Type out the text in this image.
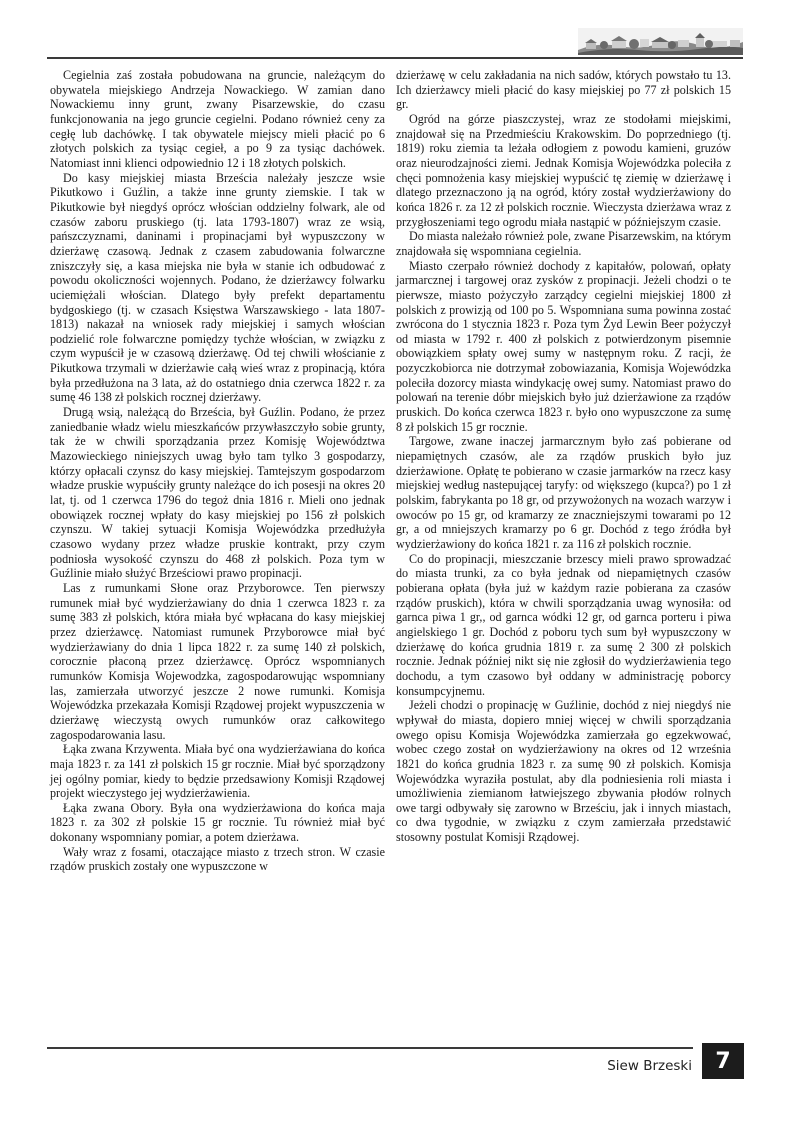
Cegielnia zaś została pobudowana na gruncie, należącym do obywatela miejskiego Andrzeja Nowackiego. W zamian dano Nowackiemu inny grunt, zwany Pisarzewskie, do czasu funkcjonowania na jego gruncie cegielni. Podano również ceny za cegłę lub dachówkę. I tak obywatele miejscy mieli płacić po 6 złotych polskich za tysiąc cegieł, a po 9 za tysiąc dachówek. Natomiast inni klienci odpowiednio 12 i 18 złotych polskich.

Do kasy miejskiej miasta Brześcia należały jeszcze wsie Pikutkowo i Guźlin, a także inne grunty ziemskie. I tak w Pikutkowie był niegdyś oprócz włościan oddzielny folwark, ale od czasów zaboru pruskiego (tj. lata 1793-1807) wraz ze wsią, pańszczyznami, daninami i propinacjami był wypuszczony w dzierżawę czasową. Jednak z czasem zabudowania folwarczne zniszczyły się, a kasa miejska nie była w stanie ich odbudować z powodu okoliczności wojennych. Podano, że dzierżawcy folwarku uciemiężali włościan. Dlatego były prefekt departamentu bydgoskiego (tj. w czasach Księstwa Warszawskiego - lata 1807-1813) nakazał na wniosek rady miejskiej i samych włościan podzielić role folwarczne pomiędzy tychże włościan, w związku z czym wypuścił je w czasową dzierżawę. Od tej chwili włościanie z Pikutkowa trzymali w dzierżawie całą wieś wraz z propinacją, która była przedłużona na 3 lata, aż do ostatniego dnia czerwca 1822 r. za sumę 46 138 zł polskich rocznej dzierżawy.

Drugą wsią, należącą do Brześcia, był Guźlin. Podano, że przez zaniedbanie władz wielu mieszkańców przywłaszczyło sobie grunty, tak że w chwili sporządzania przez Komisję Województwa Mazowieckiego niniejszych uwag było tam tylko 3 gospodarzy, którzy opłacali czynsz do kasy miejskiej. Tamtejszym gospodarzom władze pruskie wypuściły grunty należące do ich posesji na okres 20 lat, tj. od 1 czerwca 1796 do tegoż dnia 1816 r. Mieli ono jednak obowiązek rocznej wpłaty do kasy miejskiej po 156 zł polskich czynszu. W takiej sytuacji Komisja Wojewódzka przedłużyła czasowo wydany przez władze pruskie kontrakt, przy czym podniosła wysokość czynszu do 468 zł polskich. Poza tym w Guźlinie miało służyć Brześciowi prawo propinacji.

Las z rumunkami Słone oraz Przyborowce. Ten pierwszy rumunek miał być wydzierżawiany do dnia 1 czerwca 1823 r. za sumę 383 zł polskich, która miała być wpłacana do kasy miejskiej przez dzierżawcę. Natomiast rumunek Przyborowce miał być wydzierżawiany do dnia 1 lipca 1822 r. za sumę 140 zł polskich, corocznie płaconą przez dzierżawcę. Oprócz wspomnianych rumunków Komisja Wojewodzka, zagospodarowując wspomniany las, zamierzała utworzyć jeszcze 2 nowe rumunki. Komisja Wojewódzka przekazała Komisji Rządowej projekt wypuszczenia w dzierżawę wieczystą owych rumunków oraz całkowitego zagospodarowania lasu.

Łąka zwana Krzywenta. Miała być ona wydzierżawiana do końca maja 1823 r. za 141 zł polskich 15 gr rocznie. Miał być sporządzony jej ogólny pomiar, kiedy to będzie przedsawiony Komisji Rządowej projekt wieczystego jej wydzierżawienia.

Łąka zwana Obory. Była ona wydzierżawiona do końca maja 1823 r. za 302 zł polskie 15 gr rocznie. Tu również miał być dokonany wspomniany pomiar, a potem dzierżawa.

Wały wraz z fosami, otaczające miasto z trzech stron. W czasie rządów pruskich zostały one wypuszczone w

dzierżawę w celu zakładania na nich sadów, których powstało tu 13. Ich dzierżawcy mieli płacić do kasy miejskiej po 77 zł polskich 15 gr.

Ogród na górze piaszczystej, wraz ze stodołami miejskimi, znajdował się na Przedmieściu Krakowskim. Do poprzedniego (tj. 1819) roku ziemia ta leżała odłogiem z powodu kamieni, gruzów oraz nieurodzajności ziemi. Jednak Komisja Wojewódzka poleciła z chęci pomnożenia kasy miejskiej wypuścić tę ziemię w dzierżawę i dlatego przeznaczono ją na ogród, który został wydzierżawiony do końca 1826 r. za 12 zł polskich rocznie. Wieczysta dzierżawa wraz z przygłoszeniami tego ogrodu miała nastąpić w późniejszym czasie.

Do miasta należało również pole, zwane Pisarzewskim, na którym znajdowała się wspomniana cegielnia.

Miasto czerpało również dochody z kapitałów, polowań, opłaty jarmarcznej i targowej oraz zysków z propinacji. Jeżeli chodzi o te pierwsze, miasto pożyczyło zarządcy cegielni miejskiej 1800 zł polskich z prowizją od 100 po 5. Wspomniana suma powinna zostać zwrócona do 1 stycznia 1823 r. Poza tym Żyd Lewin Beer pożyczył od miasta w 1792 r. 400 zł polskich z potwierdzonym pisemnie obowiązkiem spłaty owej sumy w następnym roku. Z racji, że pozyczkobiorca nie dotrzymał zobowiazania, Komisja Wojewódzka poleciła dozorcy miasta windykację owej sumy. Natomiast prawo do polowań na terenie dóbr miejskich było już dzierżawione za rządów pruskich. Do końca czerwca 1823 r. było ono wypuszczone za sumę 8 zł polskich 15 gr rocznie.

Targowe, zwane inaczej jarmarcznym było zaś pobierane od niepamiętnych czasów, ale za rządów pruskich było juz dzierżawione. Opłatę te pobierano w czasie jarmarków na rzecz kasy miejskiej według nastepującej taryfy: od większego (kupca?) po 1 zł polskim, fabrykanta po 18 gr, od przywożonych na wozach warzyw i owoców po 15 gr, od kramarzy ze znaczniejszymi towarami po 12 gr, a od mniejszych kramarzy po 6 gr. Dochód z tego źródła był wydzierżawiony do końca 1821 r. za 116 zł polskich rocznie.

Co do propinacji, mieszczanie brzescy mieli prawo sprowadzać do miasta trunki, za co była jednak od niepamiętnych czasów pobierana opłata (była już w każdym razie pobierana za czasów rządów pruskich), która w chwili sporządzania uwag wynosiła: od garnca piwa 1 gr,, od garnca wódki 12 gr, od garnca porteru i piwa angielskiego 1 gr. Dochód z poboru tych sum był wypuszczony w dzierżawę do końca grudnia 1819 r. za sumę 2 300 zł polskich rocznie. Jednak później nikt się nie zgłosił do wydzierżawienia tego dochodu, a tym czasowo był oddany w administrację poborcy konsumpcyjnemu.

Jeżeli chodzi o propinację w Guźlinie, dochód z niej niegdyś nie wpływał do miasta, dopiero mniej więcej w chwili sporządzania owego opisu Komisja Wojewódzka zamierzała go egzekwować, wobec czego został on wydzierżawiony na okres od 12 września 1821 do końca grudnia 1823 r. za sumę 90 zł polskich. Komisja Wojewódzka wyraziła postulat, aby dla podniesienia roli miasta i umożliwienia ziemianom łatwiejszego zbywania płodów rolnych owe targi odbywały się zarowno w Brześciu, jak i innych miastach, co dwa tygodnie, w związku z czym zamierzała przedstawić stosowny postulat Komisji Rządowej.

Siew Brzeski	7
